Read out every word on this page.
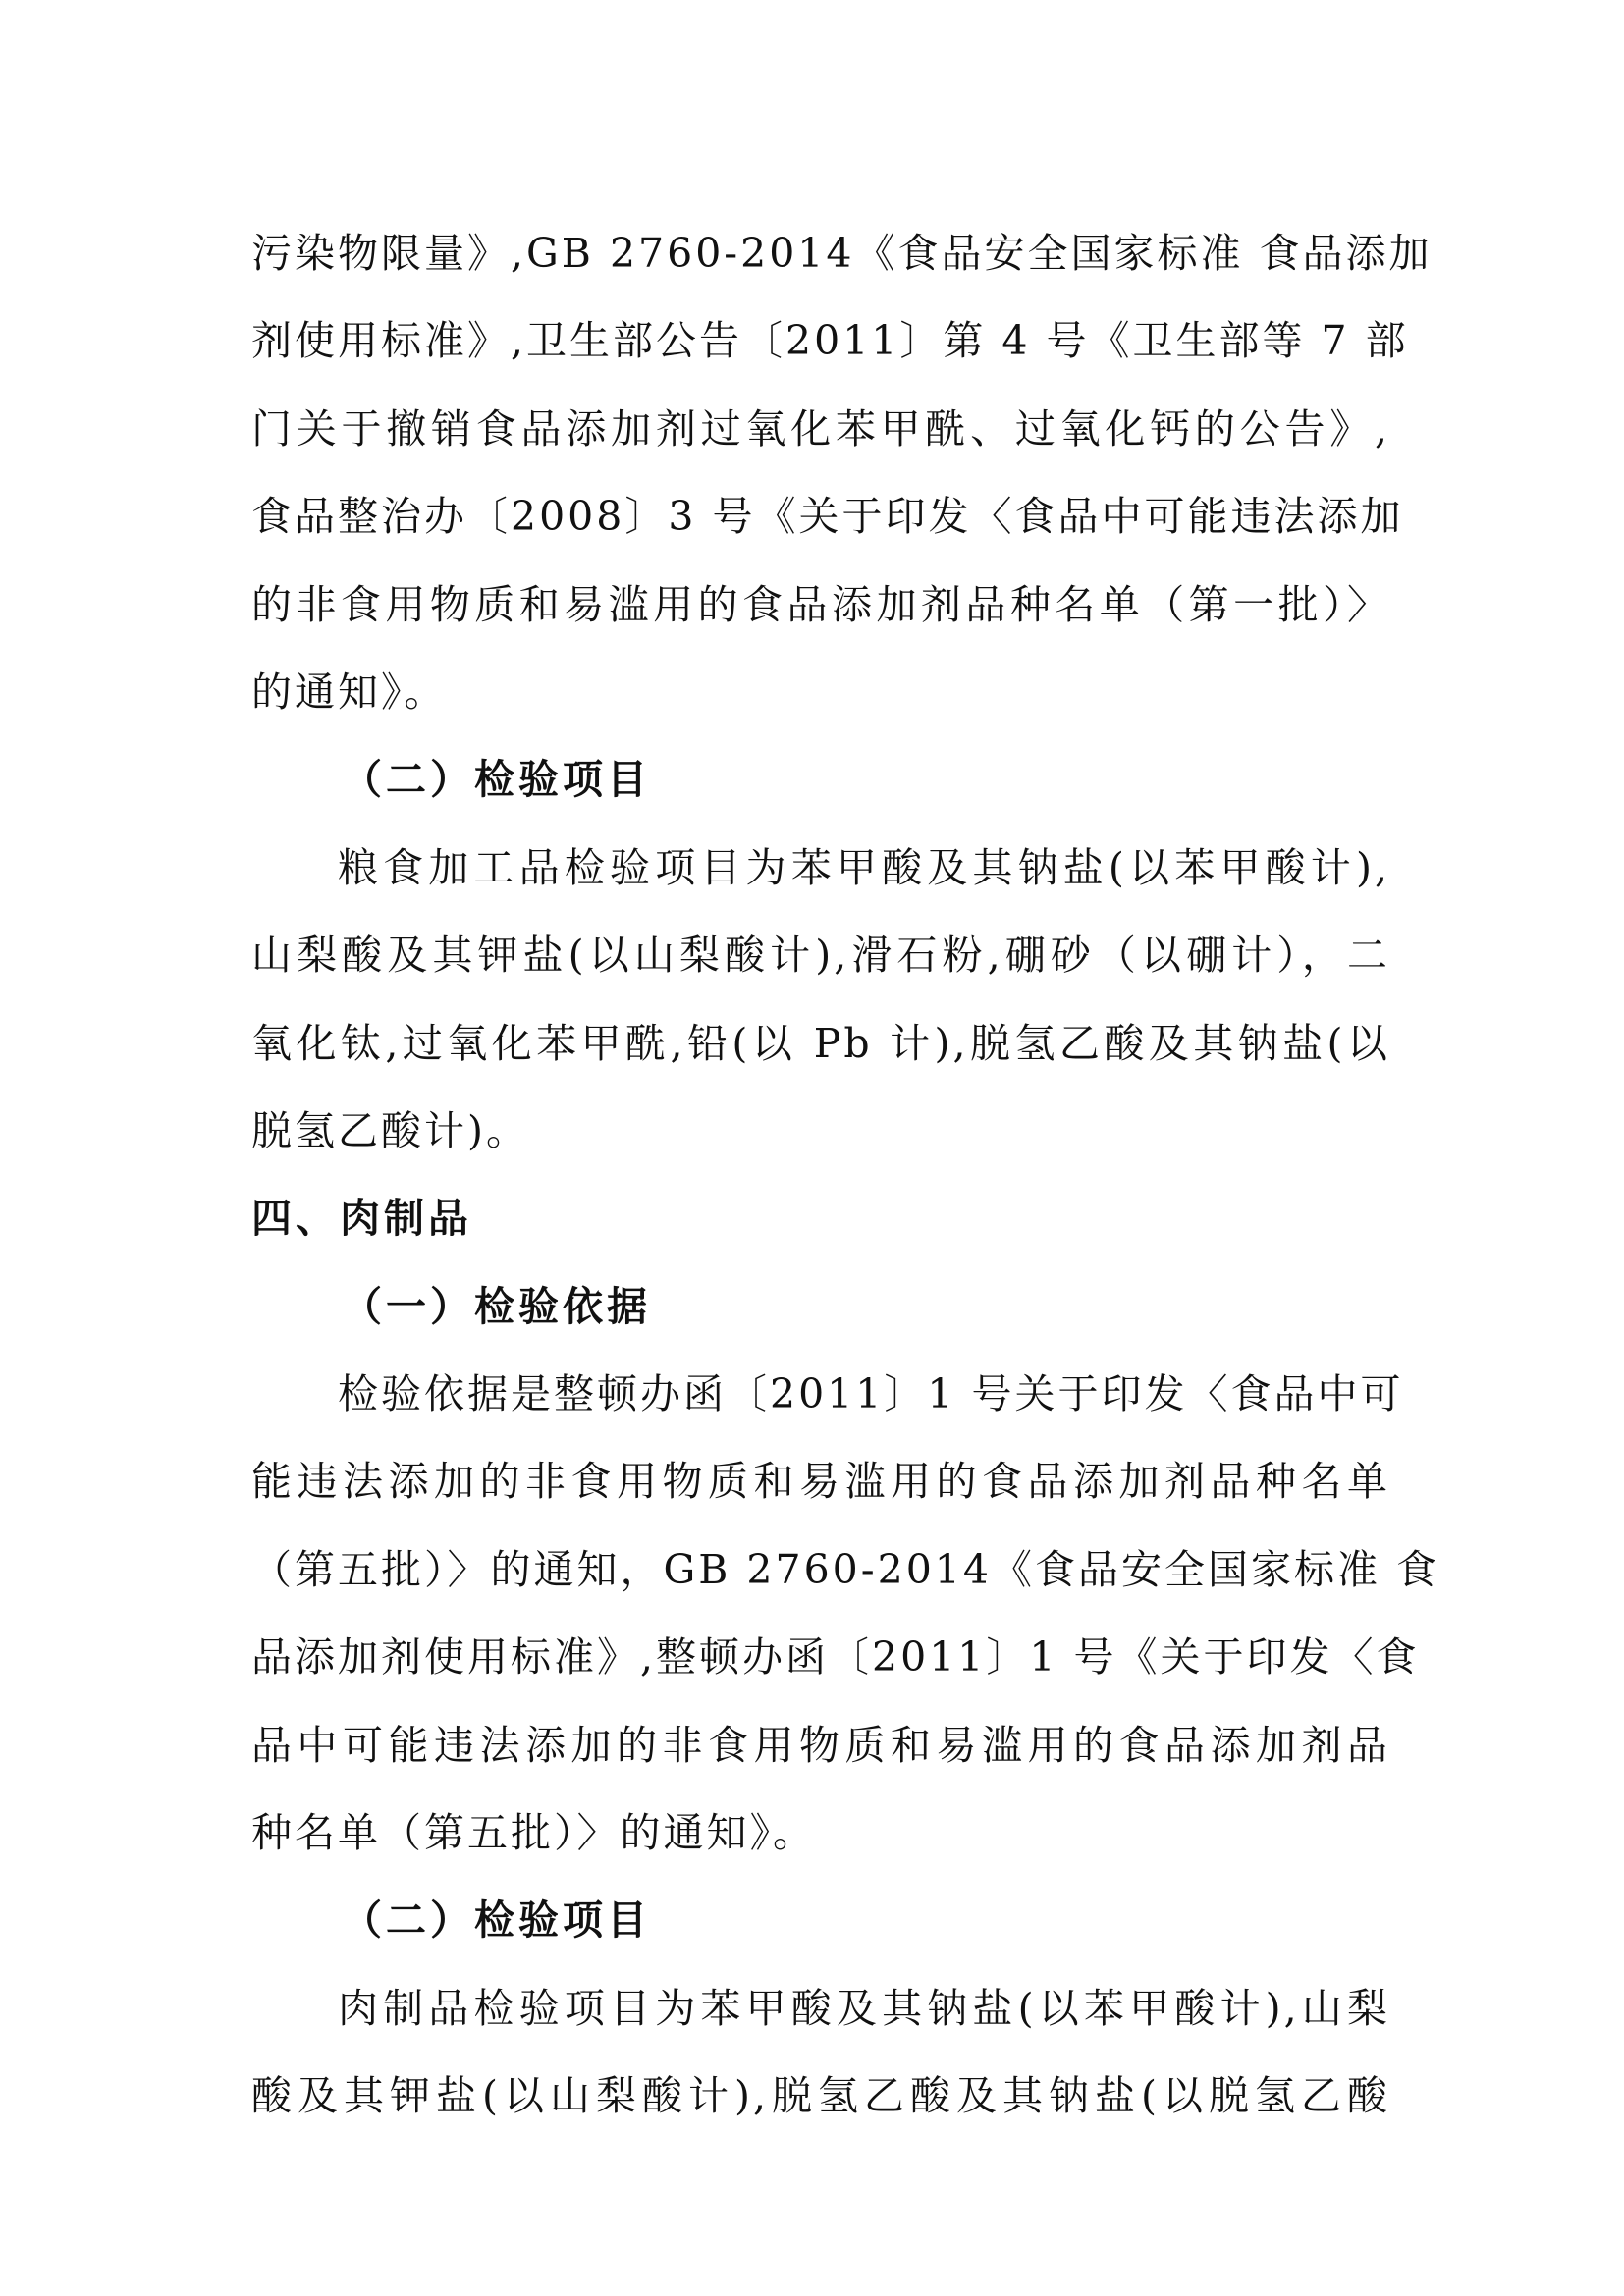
污染物限量》,GB 2760-2014《食品安全国家标准 食品添加
剂使用标准》,卫生部公告〔2011〕第 4 号《卫生部等 7 部
门关于撤销食品添加剂过氧化苯甲酰、过氧化钙的公告》,
食品整治办〔2008〕3 号《关于印发〈食品中可能违法添加
的非食用物质和易滥用的食品添加剂品种名单（第一批）〉
的通知》。
（二）检验项目
粮食加工品检验项目为苯甲酸及其钠盐(以苯甲酸计),
山梨酸及其钾盐(以山梨酸计),滑石粉,硼砂（以硼计），二
氧化钛,过氧化苯甲酰,铅(以 Pb 计),脱氢乙酸及其钠盐(以
脱氢乙酸计)。
四、肉制品
（一）检验依据
检验依据是整顿办函〔2011〕1 号关于印发〈食品中可
能违法添加的非食用物质和易滥用的食品添加剂品种名单
（第五批）〉的通知，GB 2760-2014《食品安全国家标准 食
品添加剂使用标准》,整顿办函〔2011〕1 号《关于印发〈食
品中可能违法添加的非食用物质和易滥用的食品添加剂品
种名单（第五批）〉的通知》。
（二）检验项目
肉制品检验项目为苯甲酸及其钠盐(以苯甲酸计),山梨
酸及其钾盐(以山梨酸计),脱氢乙酸及其钠盐(以脱氢乙酸
